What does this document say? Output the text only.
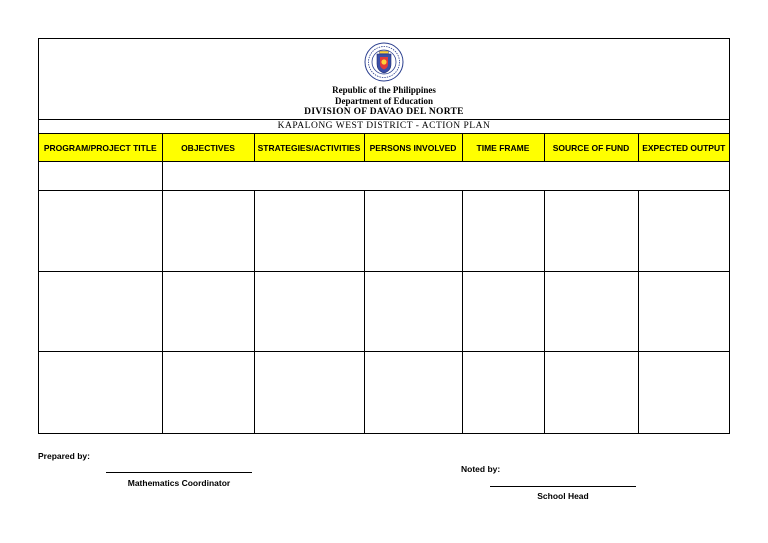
Republic of the Philippines
Department of Education
DIVISION OF DAVAO DEL NORTE
KAPALONG WEST DISTRICT - ACTION PLAN
PROGRAM/PROJECT TITLE	OBJECTIVES	STRATEGIES/ACTIVITIES	PERSONS INVOLVED	TIME FRAME	SOURCE OF FUND	EXPECTED OUTPUT

Prepared by:
Mathematics Coordinator
Noted by:
School Head
